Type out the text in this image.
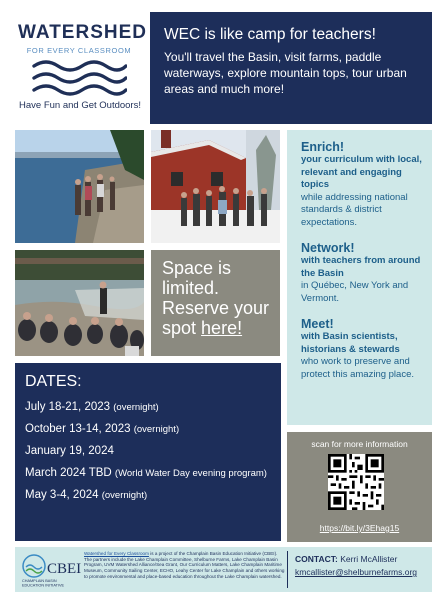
WATERSHED
FOR EVERY CLASSROOM
Have Fun and Get Outdoors!
WEC is like camp for teachers!
You'll travel the Basin, visit farms, paddle waterways, explore mountain tops, tour urban areas and much more!
Space is limited. Reserve your spot here!
Enrich!
your curriculum with local, relevant and engaging topics
while addressing national standards & district expectations.
Network!
with teachers from around the Basin
in Québec, New York and Vermont.
Meet!
with Basin scientists, historians & stewards
who work to preserve and protect this amazing place.
DATES:
July 18-21, 2023 (overnight)
October 13-14, 2023 (overnight)
January 19, 2024
March 2024 TBD (World Water Day evening program)
May 3-4, 2024 (overnight)
scan for more information
https://bit.ly/3Ehag15
CBEI
CHAMPLAIN BASIN
EDUCATION INITIATIVE
Watershed for Every Classroom is a project of the Champlain Basin Education Initiative (CBEI). The partners include the Lake Champlain Committee, Shelburne Farms, Lake Champlain Basin Program, UVM Watershed Alliance/Sea Grant, Our Curriculum Matters, Lake Champlain Maritime Museum, Community Sailing Center, ECHO, Leahy Center for Lake Champlain and others working to promote environmental and place-based education throughout the Lake Champlain watershed.
CONTACT: Kerri McAllister
kmcallister@shelburnefarms.org
